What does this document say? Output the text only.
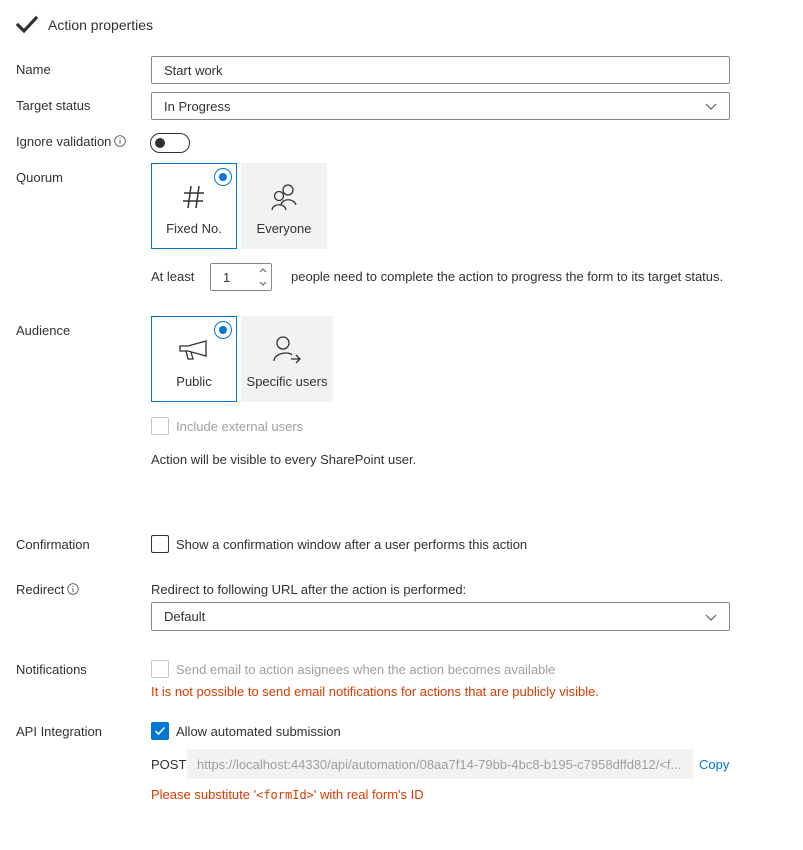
Action properties
Name	Start work
Target status	In Progress
Ignore validation
Quorum
Fixed No.	Everyone
At least 1	people need to complete the action to progress the form to its target status.
Audience
Public	Specific users
Include external users
Action will be visible to every SharePoint user.
Confirmation	Show a confirmation window after a user performs this action
Redirect	Redirect to following URL after the action is performed:
Default
Notifications	Send email to action asignees when the action becomes available
It is not possible to send email notifications for actions that are publicly visible.
API Integration	Allow automated submission
POST https://localhost:44330/api/automation/08aa7f14-79bb-4bc8-b195-c7958dffd812/<f... Copy
Please substitute '<formId>' with real form's ID
